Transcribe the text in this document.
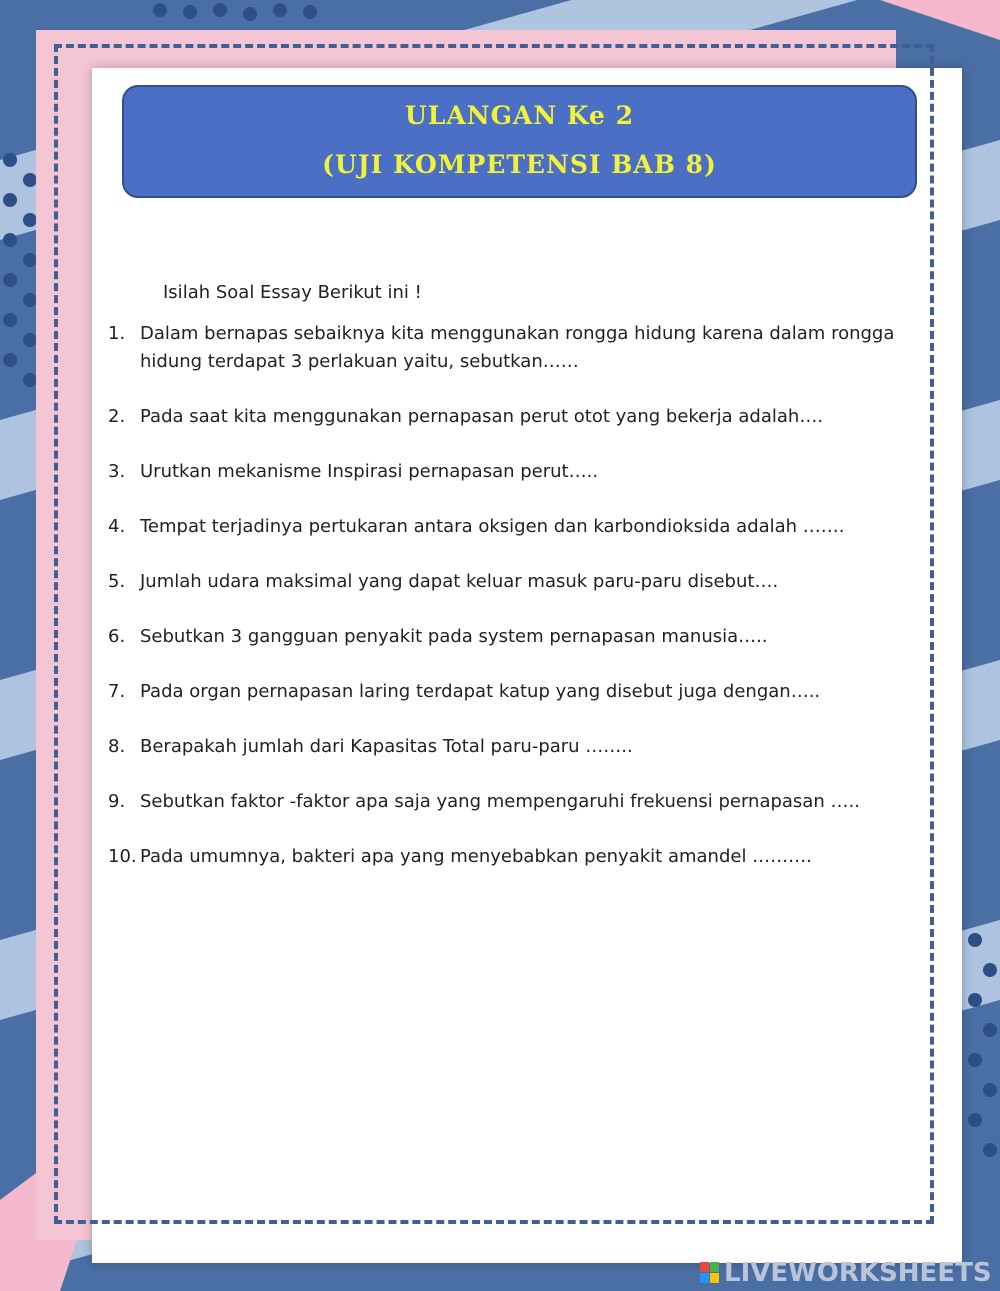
ULANGAN Ke 2
(UJI KOMPETENSI BAB 8)
Isilah Soal Essay Berikut ini !
1. Dalam bernapas sebaiknya kita menggunakan rongga hidung karena dalam rongga hidung terdapat 3 perlakuan yaitu, sebutkan……
2. Pada saat kita menggunakan pernapasan perut otot yang bekerja adalah….
3. Urutkan mekanisme Inspirasi pernapasan perut…..
4. Tempat terjadinya pertukaran antara oksigen dan karbondioksida adalah …….
5. Jumlah udara maksimal yang dapat keluar masuk paru-paru disebut….
6. Sebutkan 3 gangguan penyakit pada system pernapasan manusia…..
7. Pada organ pernapasan laring terdapat katup yang disebut juga dengan…..
8. Berapakah jumlah dari Kapasitas Total paru-paru ……..
9. Sebutkan faktor -faktor apa saja yang mempengaruhi frekuensi pernapasan …..
10. Pada umumnya, bakteri apa yang menyebabkan penyakit amandel ……….
LIVEWORKSHEETS
